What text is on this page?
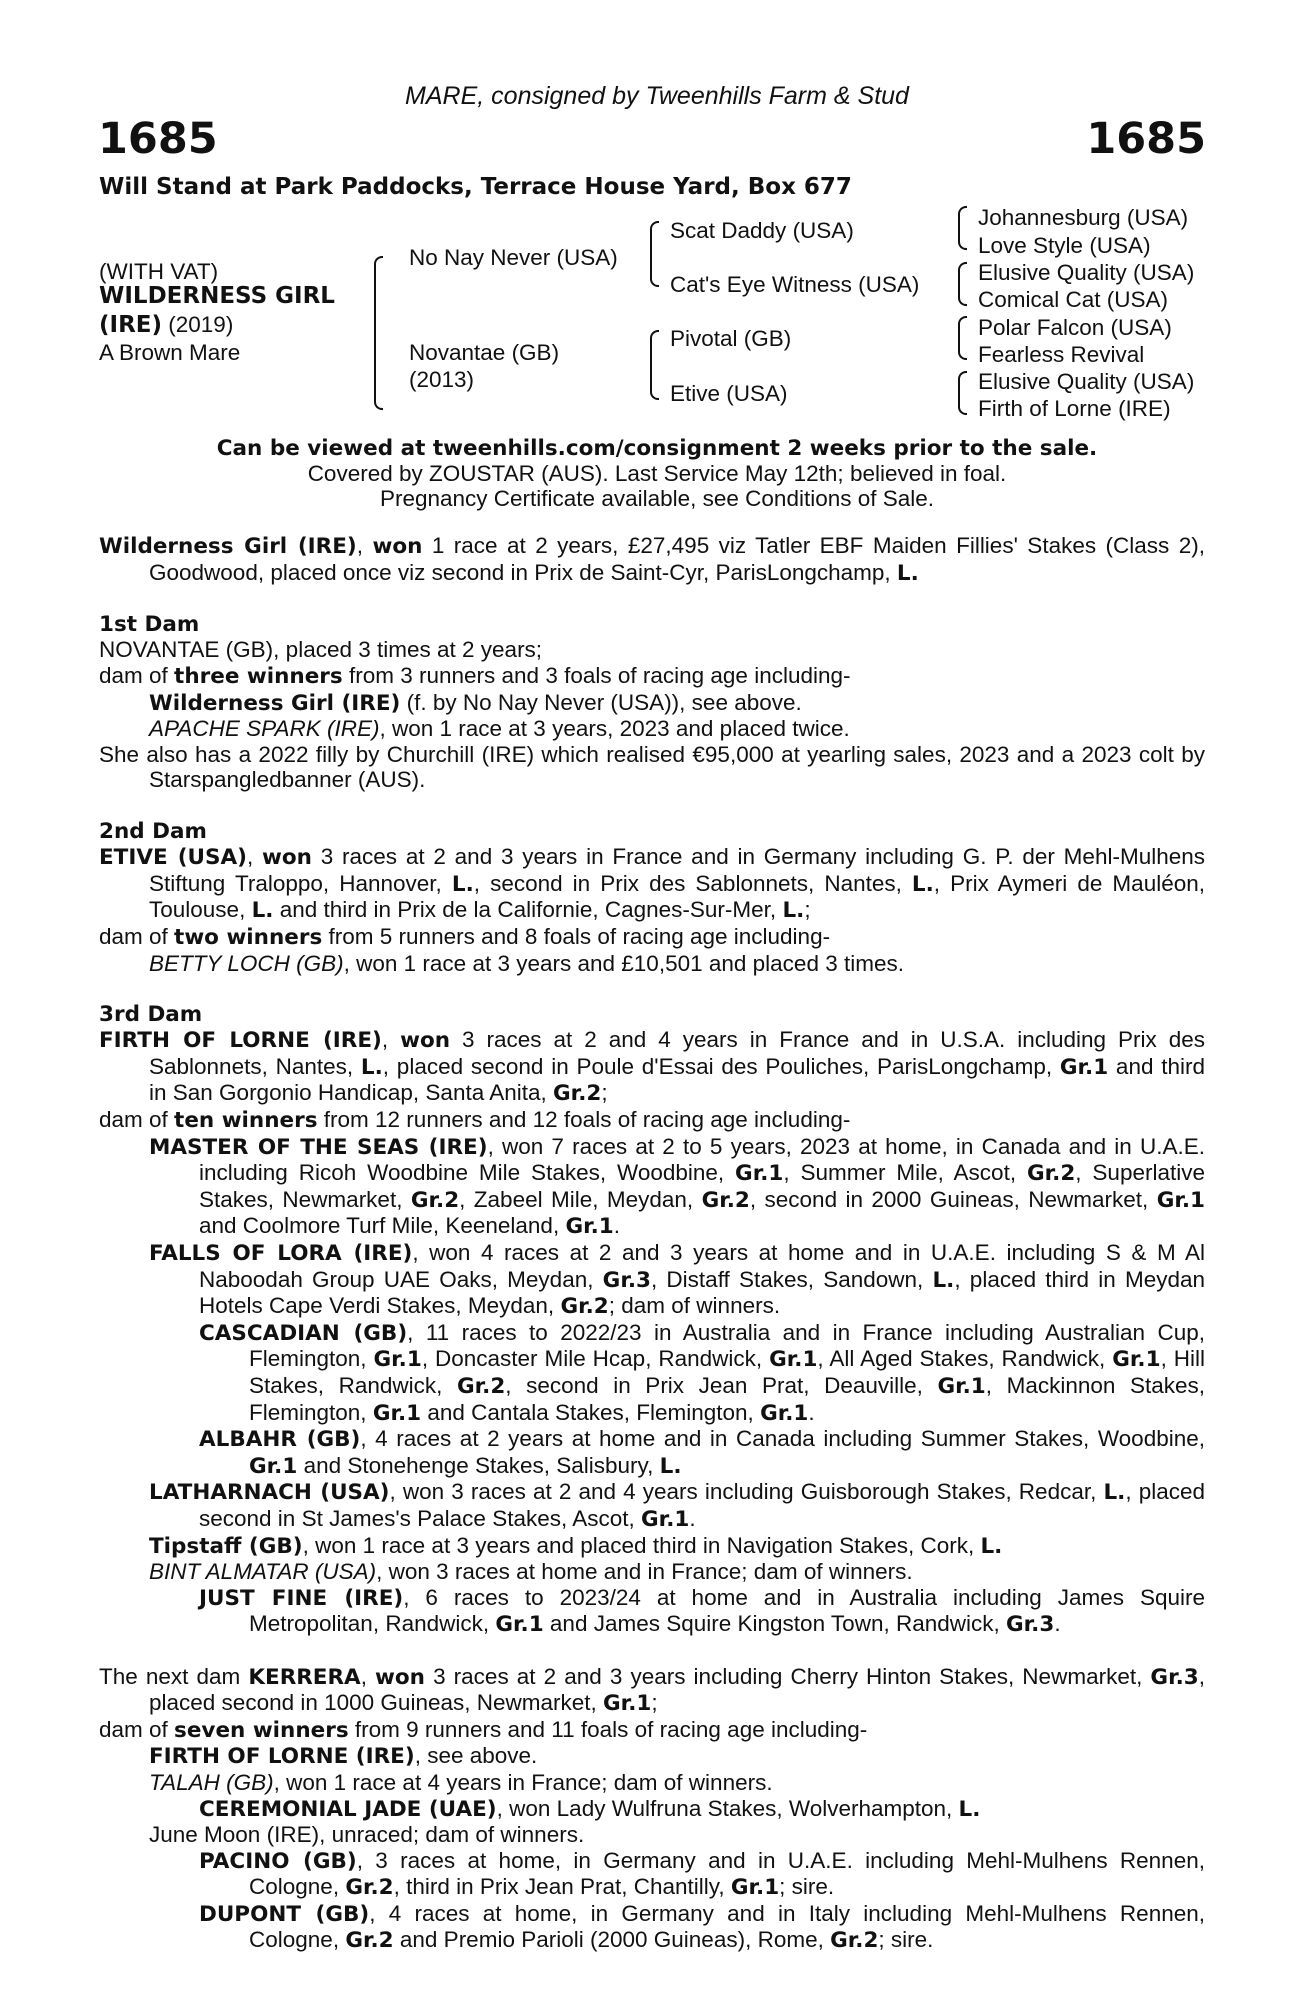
MARE, consigned by Tweenhills Farm & Stud
1685	1685
Will Stand at Park Paddocks, Terrace House Yard, Box 677
(WITH VAT)
WILDERNESS GIRL
(IRE) (2019)
A Brown Mare
No Nay Never (USA)
Novantae (GB)
(2013)
Scat Daddy (USA)
Cat's Eye Witness (USA)
Pivotal (GB)
Etive (USA)
Johannesburg (USA)
Love Style (USA)
Elusive Quality (USA)
Comical Cat (USA)
Polar Falcon (USA)
Fearless Revival
Elusive Quality (USA)
Firth of Lorne (IRE)
Can be viewed at tweenhills.com/consignment 2 weeks prior to the sale.
Covered by ZOUSTAR (AUS). Last Service May 12th; believed in foal.
Pregnancy Certificate available, see Conditions of Sale.
Wilderness Girl (IRE), won 1 race at 2 years, £27,495 viz Tatler EBF Maiden Fillies' Stakes (Class 2), Goodwood, placed once viz second in Prix de Saint-Cyr, ParisLongchamp, L.
1st Dam
NOVANTAE (GB), placed 3 times at 2 years;
dam of three winners from 3 runners and 3 foals of racing age including-
Wilderness Girl (IRE) (f. by No Nay Never (USA)), see above.
APACHE SPARK (IRE), won 1 race at 3 years, 2023 and placed twice.
She also has a 2022 filly by Churchill (IRE) which realised €95,000 at yearling sales, 2023 and a 2023 colt by Starspangledbanner (AUS).
2nd Dam
ETIVE (USA), won 3 races at 2 and 3 years in France and in Germany including G. P. der Mehl-Mulhens Stiftung Traloppo, Hannover, L., second in Prix des Sablonnets, Nantes, L., Prix Aymeri de Mauléon, Toulouse, L. and third in Prix de la Californie, Cagnes-Sur-Mer, L.;
dam of two winners from 5 runners and 8 foals of racing age including-
BETTY LOCH (GB), won 1 race at 3 years and £10,501 and placed 3 times.
3rd Dam
FIRTH OF LORNE (IRE), won 3 races at 2 and 4 years in France and in U.S.A. including Prix des Sablonnets, Nantes, L., placed second in Poule d'Essai des Pouliches, ParisLongchamp, Gr.1 and third in San Gorgonio Handicap, Santa Anita, Gr.2;
dam of ten winners from 12 runners and 12 foals of racing age including-
MASTER OF THE SEAS (IRE), won 7 races at 2 to 5 years, 2023 at home, in Canada and in U.A.E. including Ricoh Woodbine Mile Stakes, Woodbine, Gr.1, Summer Mile, Ascot, Gr.2, Superlative Stakes, Newmarket, Gr.2, Zabeel Mile, Meydan, Gr.2, second in 2000 Guineas, Newmarket, Gr.1 and Coolmore Turf Mile, Keeneland, Gr.1.
FALLS OF LORA (IRE), won 4 races at 2 and 3 years at home and in U.A.E. including S & M Al Naboodah Group UAE Oaks, Meydan, Gr.3, Distaff Stakes, Sandown, L., placed third in Meydan Hotels Cape Verdi Stakes, Meydan, Gr.2; dam of winners.
CASCADIAN (GB), 11 races to 2022/23 in Australia and in France including Australian Cup, Flemington, Gr.1, Doncaster Mile Hcap, Randwick, Gr.1, All Aged Stakes, Randwick, Gr.1, Hill Stakes, Randwick, Gr.2, second in Prix Jean Prat, Deauville, Gr.1, Mackinnon Stakes, Flemington, Gr.1 and Cantala Stakes, Flemington, Gr.1.
ALBAHR (GB), 4 races at 2 years at home and in Canada including Summer Stakes, Woodbine, Gr.1 and Stonehenge Stakes, Salisbury, L.
LATHARNACH (USA), won 3 races at 2 and 4 years including Guisborough Stakes, Redcar, L., placed second in St James's Palace Stakes, Ascot, Gr.1.
Tipstaff (GB), won 1 race at 3 years and placed third in Navigation Stakes, Cork, L.
BINT ALMATAR (USA), won 3 races at home and in France; dam of winners.
JUST FINE (IRE), 6 races to 2023/24 at home and in Australia including James Squire Metropolitan, Randwick, Gr.1 and James Squire Kingston Town, Randwick, Gr.3.
The next dam KERRERA, won 3 races at 2 and 3 years including Cherry Hinton Stakes, Newmarket, Gr.3, placed second in 1000 Guineas, Newmarket, Gr.1;
dam of seven winners from 9 runners and 11 foals of racing age including-
FIRTH OF LORNE (IRE), see above.
TALAH (GB), won 1 race at 4 years in France; dam of winners.
CEREMONIAL JADE (UAE), won Lady Wulfruna Stakes, Wolverhampton, L.
June Moon (IRE), unraced; dam of winners.
PACINO (GB), 3 races at home, in Germany and in U.A.E. including Mehl-Mulhens Rennen, Cologne, Gr.2, third in Prix Jean Prat, Chantilly, Gr.1; sire.
DUPONT (GB), 4 races at home, in Germany and in Italy including Mehl-Mulhens Rennen, Cologne, Gr.2 and Premio Parioli (2000 Guineas), Rome, Gr.2; sire.
